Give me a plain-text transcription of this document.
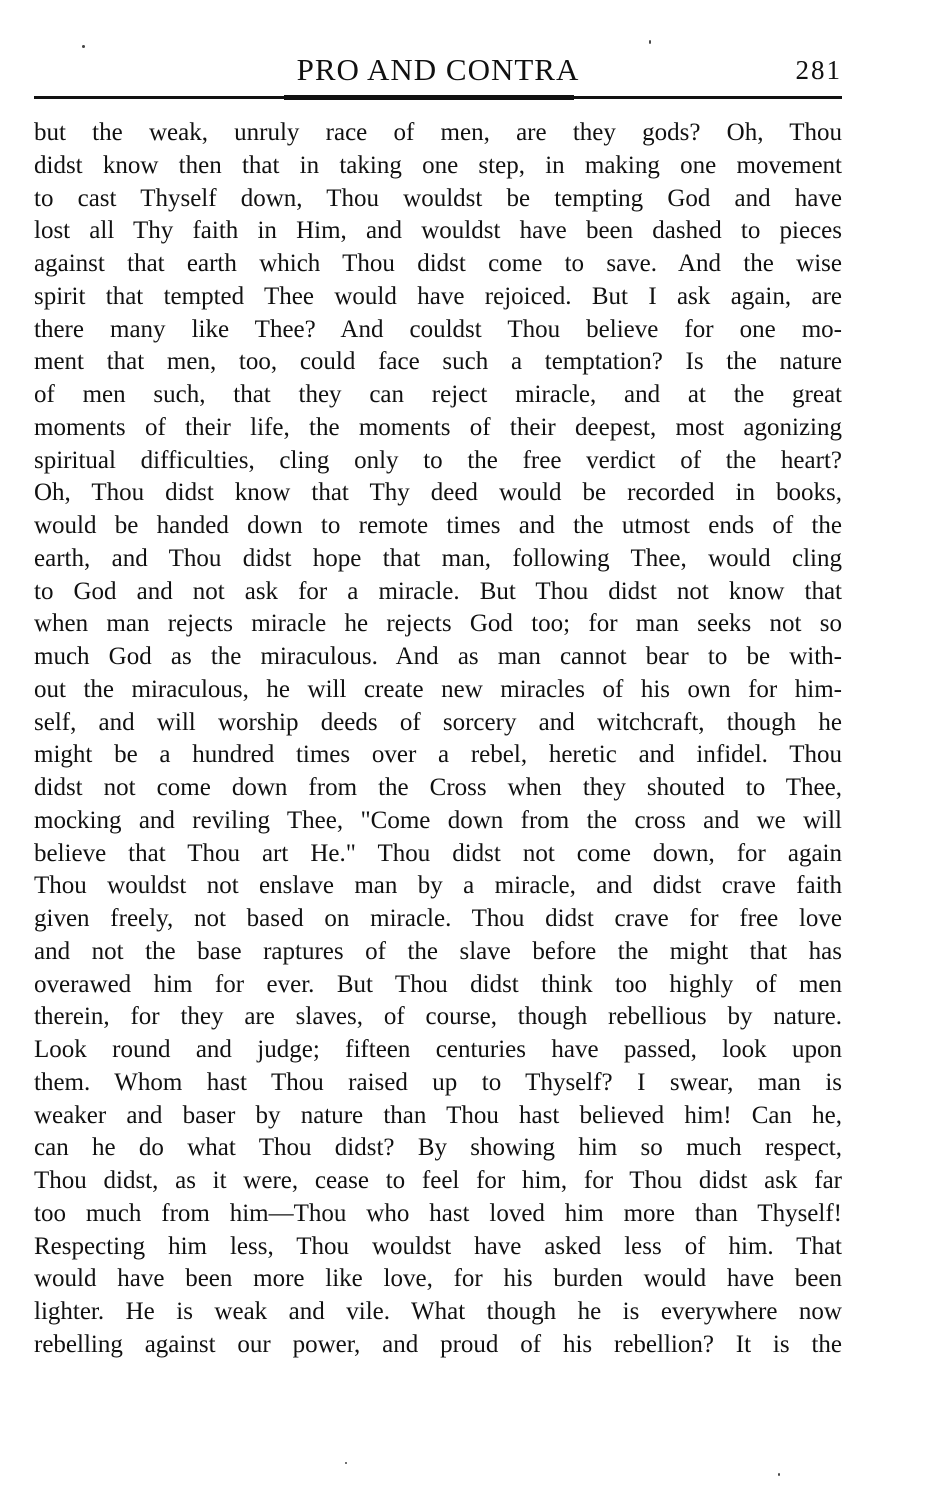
PRO AND CONTRA	281
but the weak, unruly race of men, are they gods? Oh, Thou
didst know then that in taking one step, in making one movement
to cast Thyself down, Thou wouldst be tempting God and have
lost all Thy faith in Him, and wouldst have been dashed to pieces
against that earth which Thou didst come to save. And the wise
spirit that tempted Thee would have rejoiced. But I ask again, are
there many like Thee? And couldst Thou believe for one mo-
ment that men, too, could face such a temptation? Is the nature
of men such, that they can reject miracle, and at the great
moments of their life, the moments of their deepest, most agonizing
spiritual difficulties, cling only to the free verdict of the heart?
Oh, Thou didst know that Thy deed would be recorded in books,
would be handed down to remote times and the utmost ends of the
earth, and Thou didst hope that man, following Thee, would cling
to God and not ask for a miracle. But Thou didst not know that
when man rejects miracle he rejects God too; for man seeks not so
much God as the miraculous. And as man cannot bear to be with-
out the miraculous, he will create new miracles of his own for him-
self, and will worship deeds of sorcery and witchcraft, though he
might be a hundred times over a rebel, heretic and infidel. Thou
didst not come down from the Cross when they shouted to Thee,
mocking and reviling Thee, "Come down from the cross and we will
believe that Thou art He." Thou didst not come down, for again
Thou wouldst not enslave man by a miracle, and didst crave faith
given freely, not based on miracle. Thou didst crave for free love
and not the base raptures of the slave before the might that has
overawed him for ever. But Thou didst think too highly of men
therein, for they are slaves, of course, though rebellious by nature.
Look round and judge; fifteen centuries have passed, look upon
them. Whom hast Thou raised up to Thyself? I swear, man is
weaker and baser by nature than Thou hast believed him! Can he,
can he do what Thou didst? By showing him so much respect,
Thou didst, as it were, cease to feel for him, for Thou didst ask far
too much from him—Thou who hast loved him more than Thyself!
Respecting him less, Thou wouldst have asked less of him. That
would have been more like love, for his burden would have been
lighter. He is weak and vile. What though he is everywhere now
rebelling against our power, and proud of his rebellion? It is the
